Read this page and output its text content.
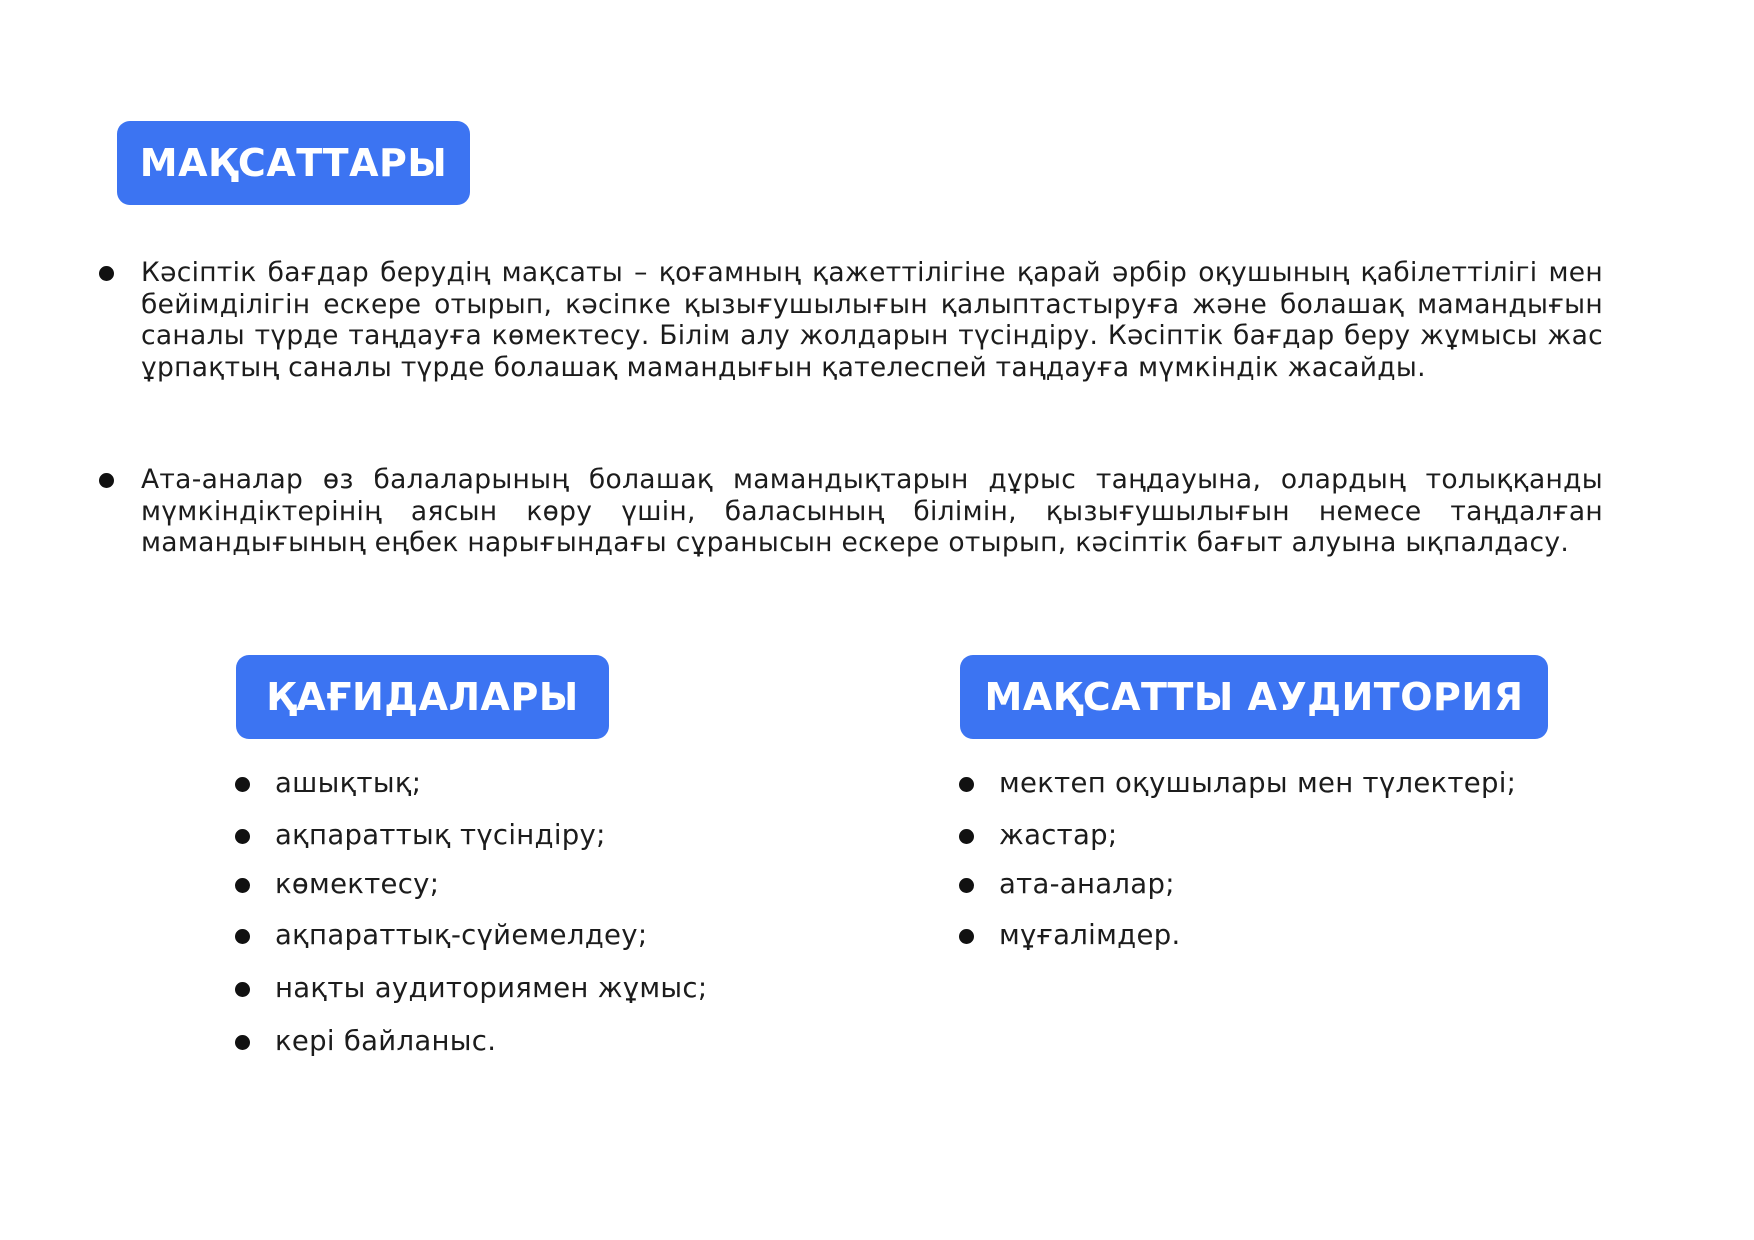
МАҚСАТТАРЫ
Кәсіптік бағдар берудің мақсаты – қоғамның қажеттілігіне қарай әрбір оқушының қабілеттілігі мен бейімділігін ескере отырып, кәсіпке қызығушылығын қалыптастыруға және болашақ мамандығын саналы түрде таңдауға көмектесу. Білім алу жолдарын түсіндіру. Кәсіптік бағдар беру жұмысы жас ұрпақтың саналы түрде болашақ мамандығын қателеспей таңдауға мүмкіндік жасайды.
Ата-аналар өз балаларының болашақ мамандықтарын дұрыс таңдауына, олардың толыққанды мүмкіндіктерінің аясын көру үшін, баласының білімін, қызығушылығын немесе таңдалған мамандығының еңбек нарығындағы сұранысын ескере отырып, кәсіптік бағыт алуына ықпалдасу.
ҚАҒИДАЛАРЫ	МАҚСАТТЫ АУДИТОРИЯ
ашықтық;
ақпараттық түсіндіру;
көмектесу;
ақпараттық-сүйемелдеу;
нақты аудиториямен жұмыс;
кері байланыс.
мектеп оқушылары мен түлектері;
жастар;
ата-аналар;
мұғалімдер.
